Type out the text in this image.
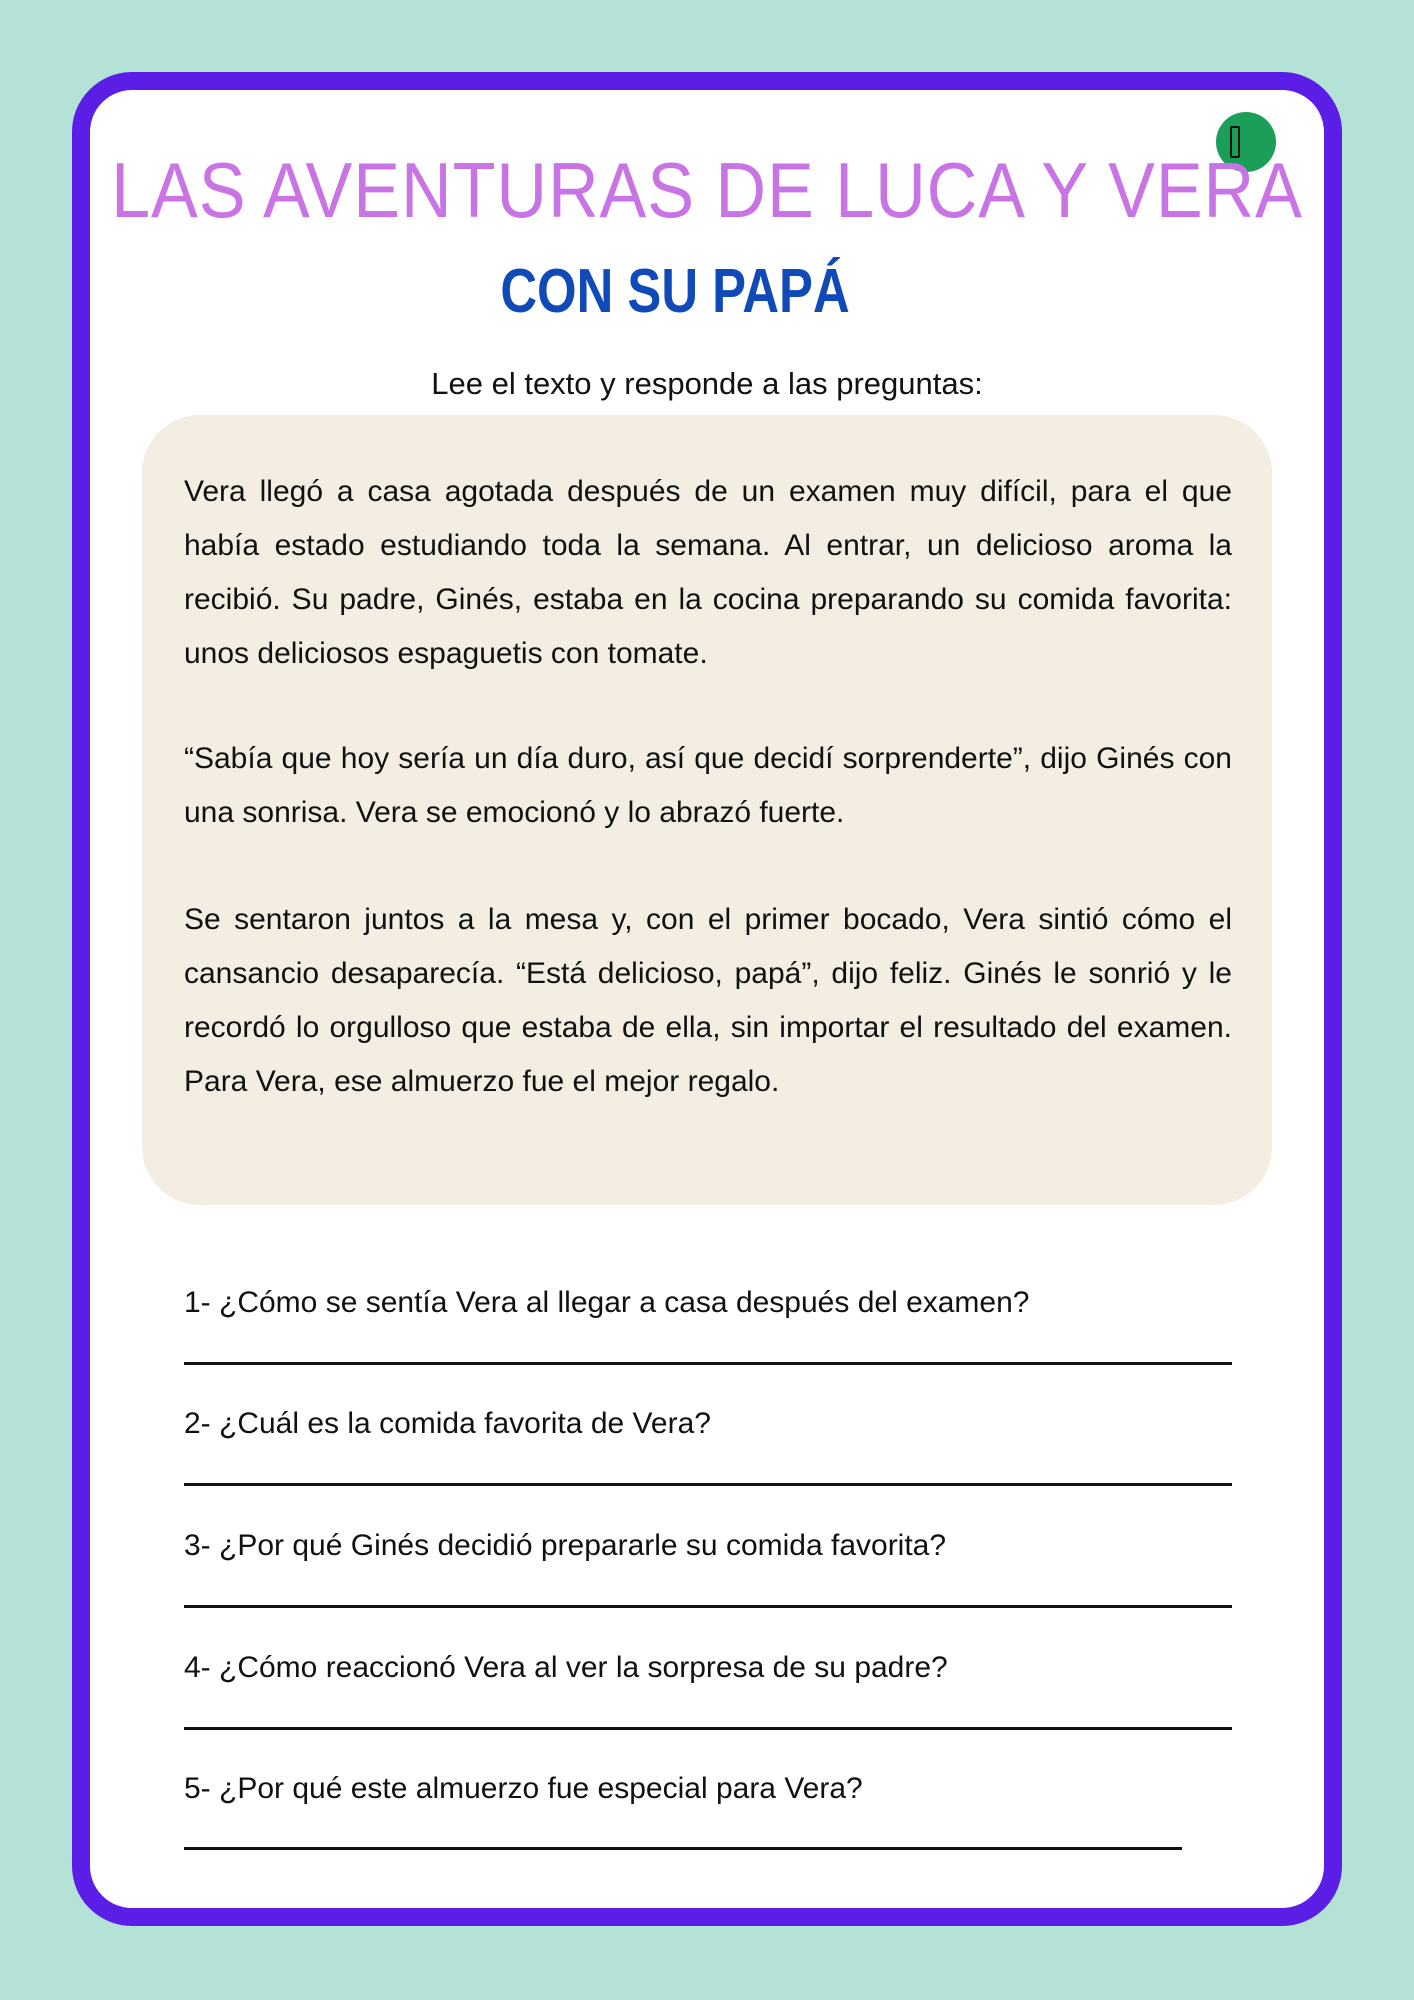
LAS AVENTURAS DE LUCA Y VERA
CON SU PAPÁ
Lee el texto y responde a las preguntas:

Vera llegó a casa agotada después de un examen muy difícil, para el que había estado estudiando toda la semana. Al entrar, un delicioso aroma la recibió. Su padre, Ginés, estaba en la cocina preparando su comida favorita: unos deliciosos espaguetis con tomate.

“Sabía que hoy sería un día duro, así que decidí sorprenderte”, dijo Ginés con una sonrisa. Vera se emocionó y lo abrazó fuerte.

Se sentaron juntos a la mesa y, con el primer bocado, Vera sintió cómo el cansancio desaparecía. “Está delicioso, papá”, dijo feliz. Ginés le sonrió y le recordó lo orgulloso que estaba de ella, sin importar el resultado del examen. Para Vera, ese almuerzo fue el mejor regalo.

1- ¿Cómo se sentía Vera al llegar a casa después del examen?

2- ¿Cuál es la comida favorita de Vera?

3- ¿Por qué Ginés decidió prepararle su comida favorita?

4- ¿Cómo reaccionó Vera al ver la sorpresa de su padre?

5- ¿Por qué este almuerzo fue especial para Vera?
